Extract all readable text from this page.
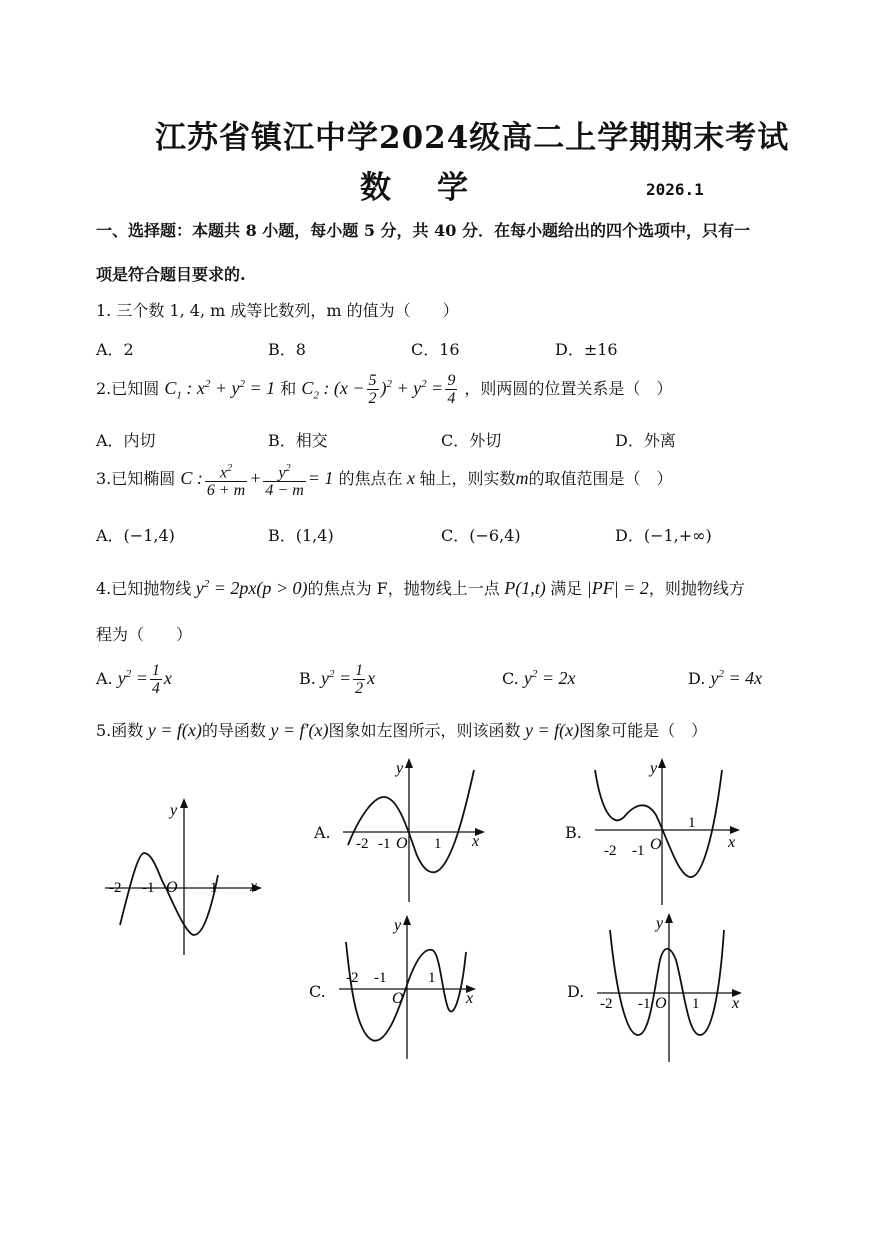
江苏省镇江中学2024级高二上学期期末考试
数学	2026.1
一、选择题：本题共 8 小题，每小题 5 分，共 40 分．在每小题给出的四个选项中，只有一
项是符合题目要求的.
1. 三个数 1, 4, m 成等比数列，m 的值为（　　）
A．2	B．8	C．16	D．±16
2.已知圆 $C_1$ : $x^2 + y^2 = 1$ 和 $C_2$ : $(x - \frac{5}{2} )^2 + y^2 = \frac{9}{4}$ ，则两圆的位置关系是（　）
A．内切	B．相交	C．外切	D．外离
3.已知椭圆 C : $\frac{x^2}{6 + m} + \frac{y^2}{4 - m} = 1$ 的焦点在 x 轴上，则实数m的取值范围是（　）
A．(−1,4)	B．(1,4)	C．(−6,4)	D．(−1,+∞)
4.已知抛物线 $y^2 = 2px(p > 0)$的焦点为 F，抛物线上一点 P(1,t) 满足 |PF| = 2，则抛物线方
程为（　　）
A. $y^2 = \frac{1}{4}$ x	B. $y^2 = \frac{1}{2}$ x	C. $y^2 = 2x$	D. $y^2 = 4x$
5.函数 y = f(x)的导函数 y = f′(x)图象如左图所示，则该函数 y = f(x)图象可能是（　）
y
x
O
-2 -1	1
A.
y
x
O
-2 -1	1
B.
y
x
O
-2 -1
1
C.
y
x
O
-2 -1	1
D.
y
x
O
-2 -1	1
